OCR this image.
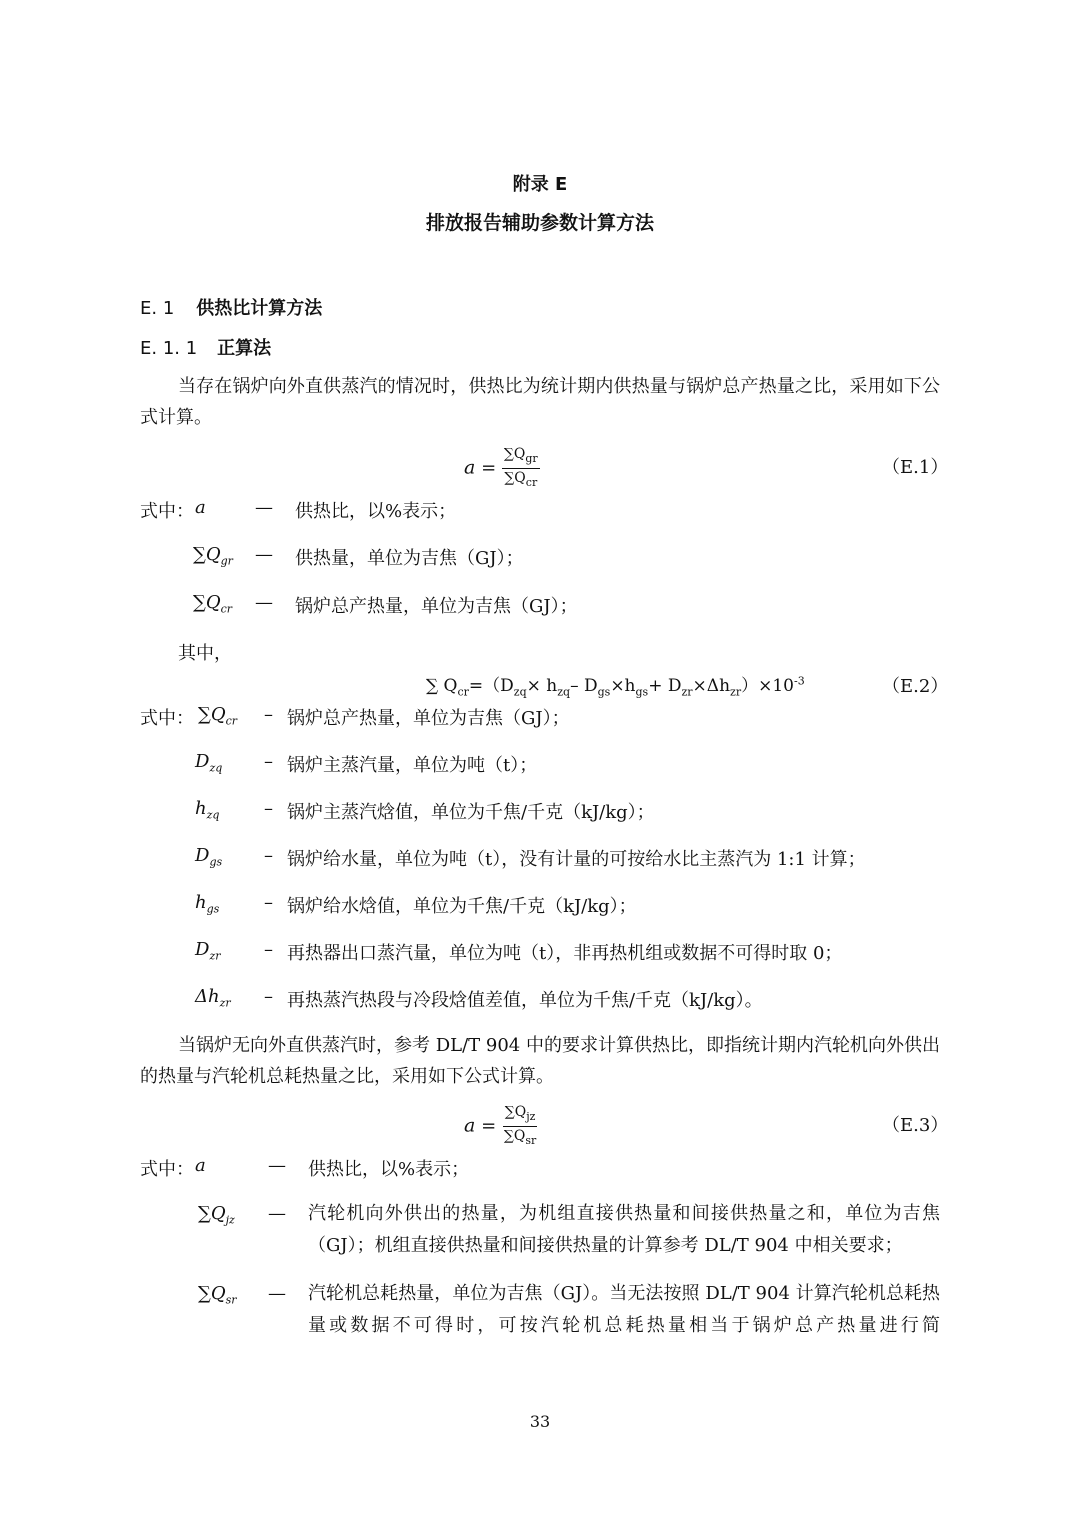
附录 E
排放报告辅助参数计算方法
E. 1 供热比计算方法
E. 1. 1 正算法
当存在锅炉向外直供蒸汽的情况时，供热比为统计期内供热量与锅炉总产热量之比，采用如下公式计算。
$a = \frac{\sum Q_{gr}}{\sum Q_{cr}}$	（E.1）
式中： a	— 供热比，以%表示；
$\sum Q_{gr}$ — 供热量，单位为吉焦（GJ）；
$\sum Q_{cr}$ — 锅炉总产热量，单位为吉焦（GJ）；
其中，
∑ $Q_{cr}=(D_{zq}\times h_{zq}-$ $D_{gs}\times h_{gs}+ D_{zr}\times\Delta h_{zr})\times 10^{-3}$	（E.2）
式中： $\sum Q_{cr}$ – 锅炉总产热量，单位为吉焦（GJ）；
$D_{zq}$ – 锅炉主蒸汽量，单位为吨（t）；
$h_{zq}$ – 锅炉主蒸汽焓值，单位为千焦/千克（kJ/kg）；
$D_{gs}$ – 锅炉给水量，单位为吨（t），没有计量的可按给水比主蒸汽为 1:1 计算；
$h_{gs}$ – 锅炉给水焓值，单位为千焦/千克（kJ/kg）；
$D_{zr}$ – 再热器出口蒸汽量，单位为吨（t），非再热机组或数据不可得时取 0；
$\Delta h_{zr}$ – 再热蒸汽热段与冷段焓值差值，单位为千焦/千克（kJ/kg）。
当锅炉无向外直供蒸汽时，参考 DL/T 904 中的要求计算供热比，即指统计期内汽轮机向外供出的热量与汽轮机总耗热量之比，采用如下公式计算。
$a = \frac{\sum Q_{jz}}{\sum Q_{sr}}$	（E.3）
式中： a	— 供热比，以%表示；
$\sum Q_{jz}$ — 汽轮机向外供出的热量，为机组直接供热量和间接供热量之和，单位为吉焦（GJ）；机组直接供热量和间接供热量的计算参考 DL/T 904 中相关要求；
$\sum Q_{sr}$ — 汽轮机总耗热量，单位为吉焦（GJ）。当无法按照 DL/T 904 计算汽轮机总耗热量或数据不可得时，可按汽轮机总耗热量相当于锅炉总产热量进行简
33
